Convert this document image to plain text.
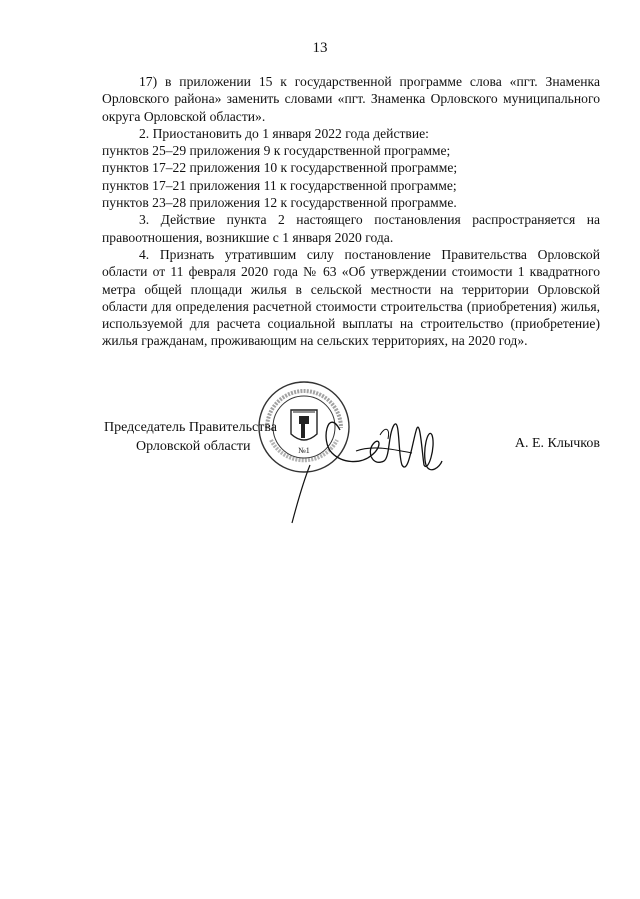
13

17) в приложении 15 к государственной программе слова «пгт. Знаменка Орловского района» заменить словами «пгт. Знаменка Орловского муниципального округа Орловской области».

2. Приостановить до 1 января 2022 года действие:

пунктов 25–29 приложения 9 к государственной программе;

пунктов 17–22 приложения 10 к государственной программе;

пунктов 17–21 приложения 11 к государственной программе;

пунктов 23–28 приложения 12 к государственной программе.

3. Действие пункта 2 настоящего постановления распространяется на правоотношения, возникшие с 1 января 2020 года.

4. Признать утратившим силу постановление Правительства Орловской области от 11 февраля 2020 года № 63 «Об утверждении стоимости 1 квадратного метра общей площади жилья в сельской местности на территории Орловской области для определения расчетной стоимости строительства (приобретения) жилья, используемой для расчета социальной выплаты на строительство (приобретение) жилья гражданам, проживающим на сельских территориях, на 2020 год».

№1
Председатель Правительства
Орловской области	А. Е. Клычков
